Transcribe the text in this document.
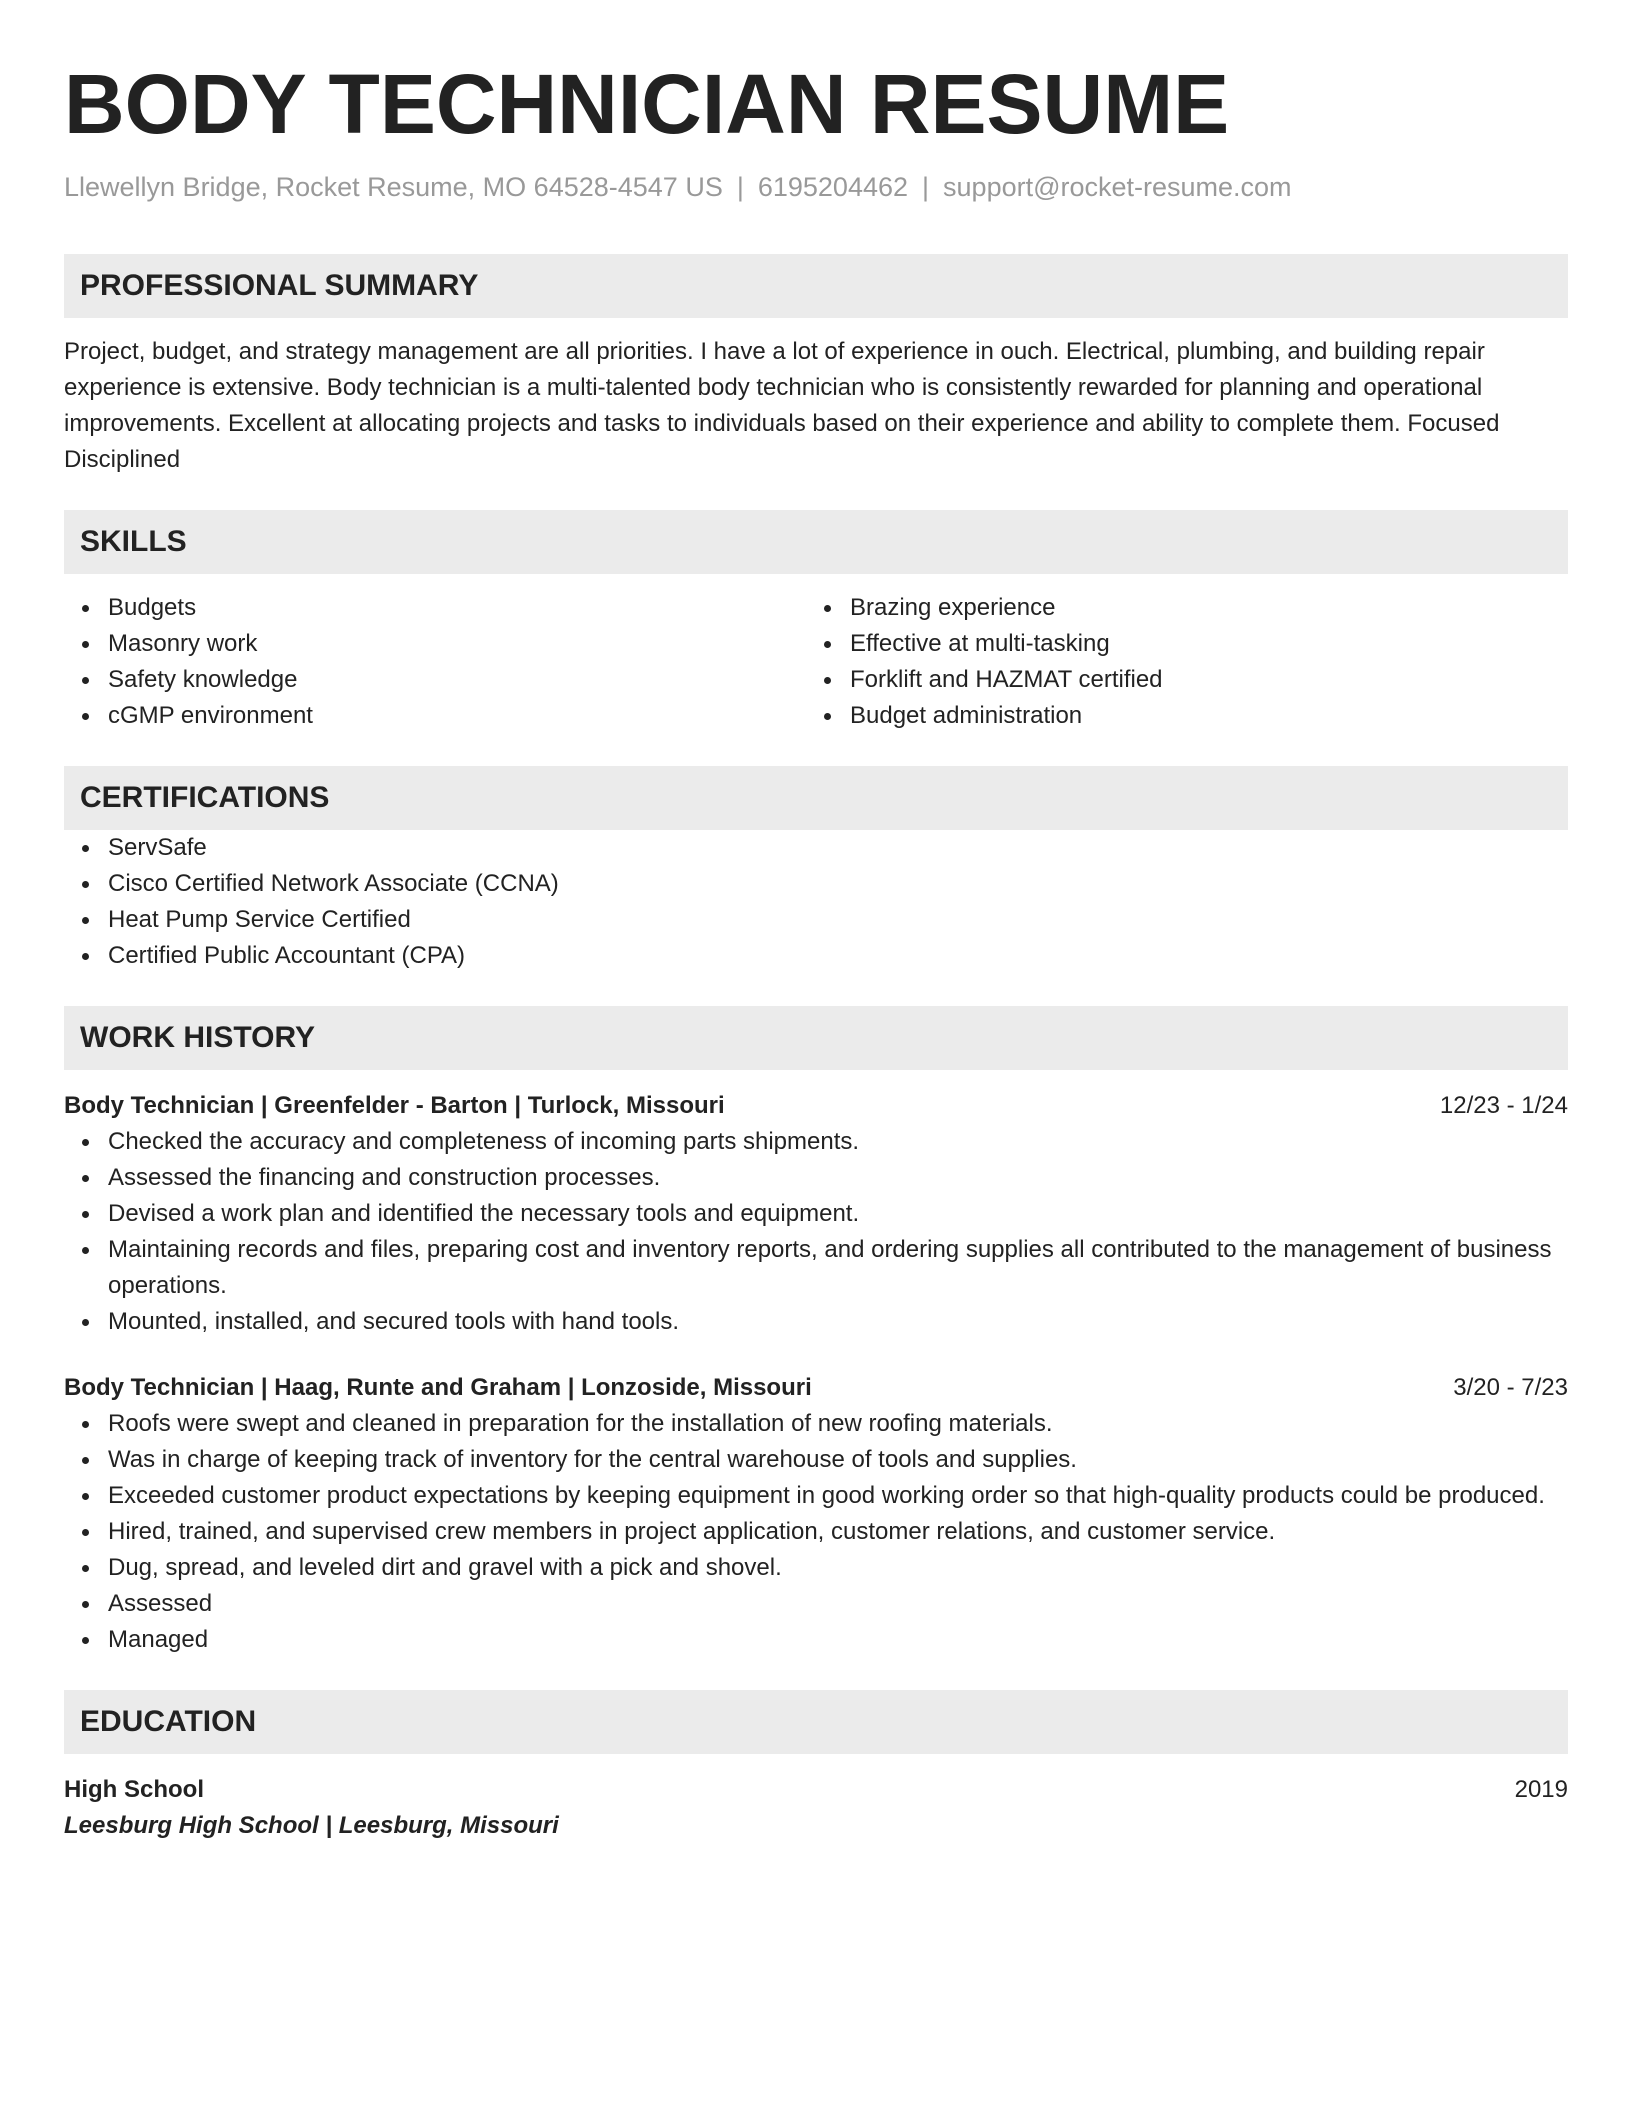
BODY TECHNICIAN RESUME
Llewellyn Bridge, Rocket Resume, MO 64528-4547 US | 6195204462 | support@rocket-resume.com
PROFESSIONAL SUMMARY
Project, budget, and strategy management are all priorities. I have a lot of experience in ouch. Electrical, plumbing, and building repair experience is extensive. Body technician is a multi-talented body technician who is consistently rewarded for planning and operational improvements. Excellent at allocating projects and tasks to individuals based on their experience and ability to complete them. Focused Disciplined
SKILLS
Budgets
Masonry work
Safety knowledge
cGMP environment
Brazing experience
Effective at multi-tasking
Forklift and HAZMAT certified
Budget administration
CERTIFICATIONS
ServSafe
Cisco Certified Network Associate (CCNA)
Heat Pump Service Certified
Certified Public Accountant (CPA)
WORK HISTORY
Body Technician | Greenfelder - Barton | Turlock, Missouri	12/23 - 1/24
Checked the accuracy and completeness of incoming parts shipments.
Assessed the financing and construction processes.
Devised a work plan and identified the necessary tools and equipment.
Maintaining records and files, preparing cost and inventory reports, and ordering supplies all contributed to the management of business operations.
Mounted, installed, and secured tools with hand tools.
Body Technician | Haag, Runte and Graham | Lonzoside, Missouri	3/20 - 7/23
Roofs were swept and cleaned in preparation for the installation of new roofing materials.
Was in charge of keeping track of inventory for the central warehouse of tools and supplies.
Exceeded customer product expectations by keeping equipment in good working order so that high-quality products could be produced.
Hired, trained, and supervised crew members in project application, customer relations, and customer service.
Dug, spread, and leveled dirt and gravel with a pick and shovel.
Assessed
Managed
EDUCATION
High School	2019
Leesburg High School | Leesburg, Missouri
